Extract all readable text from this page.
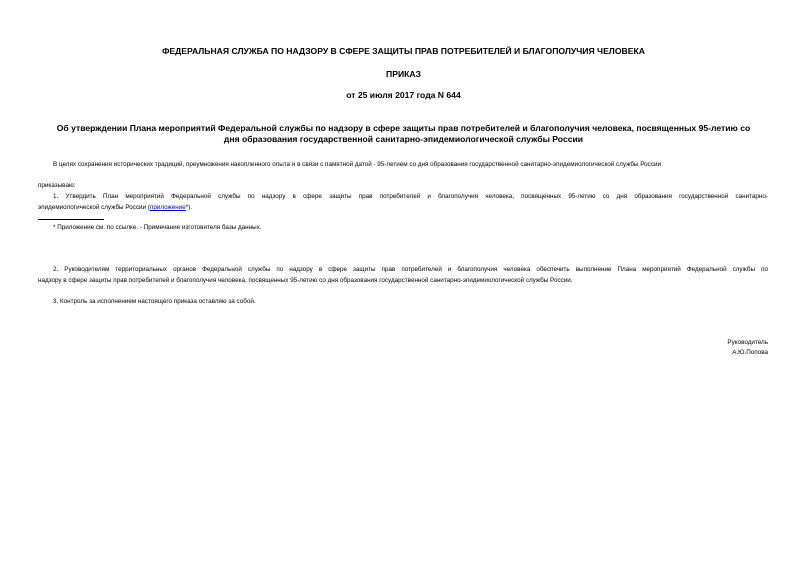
ФЕДЕРАЛЬНАЯ СЛУЖБА ПО НАДЗОРУ В СФЕРЕ ЗАЩИТЫ ПРАВ ПОТРЕБИТЕЛЕЙ И БЛАГОПОЛУЧИЯ ЧЕЛОВЕКА
ПРИКАЗ
от 25 июля 2017 года N 644
Об утверждении Плана мероприятий Федеральной службы по надзору в сфере защиты прав потребителей и благополучия человека, посвященных 95-летию со
дня образования государственной санитарно-эпидемиологической службы России
В целях сохранения исторических традиций, преумножения накопленного опыта и в связи с памятной датой - 95-летием со дня образования государственной санитарно-эпидемиологической службы России
приказываю:
1. Утвердить План мероприятий Федеральной службы по надзору в сфере защиты прав потребителей и благополучия человека, посвященных 95-летию со дня образования государственной санитарно-
эпидемиологической службы России (приложение*).
* Приложение см. по ссылке. - Примечание изготовителя базы данных.
2. Руководителям территориальных органов Федеральной службы по надзору в сфере защиты прав потребителей и благополучия человека обеспечить выполнение Плана мероприятий Федеральной службы по
надзору в сфере защиты прав потребителей и благополучия человека, посвященных 95-летию со дня образования государственной санитарно-эпидемиологической службы России.
3. Контроль за исполнением настоящего приказа оставляю за собой.
Руководитель
А.Ю.Попова
